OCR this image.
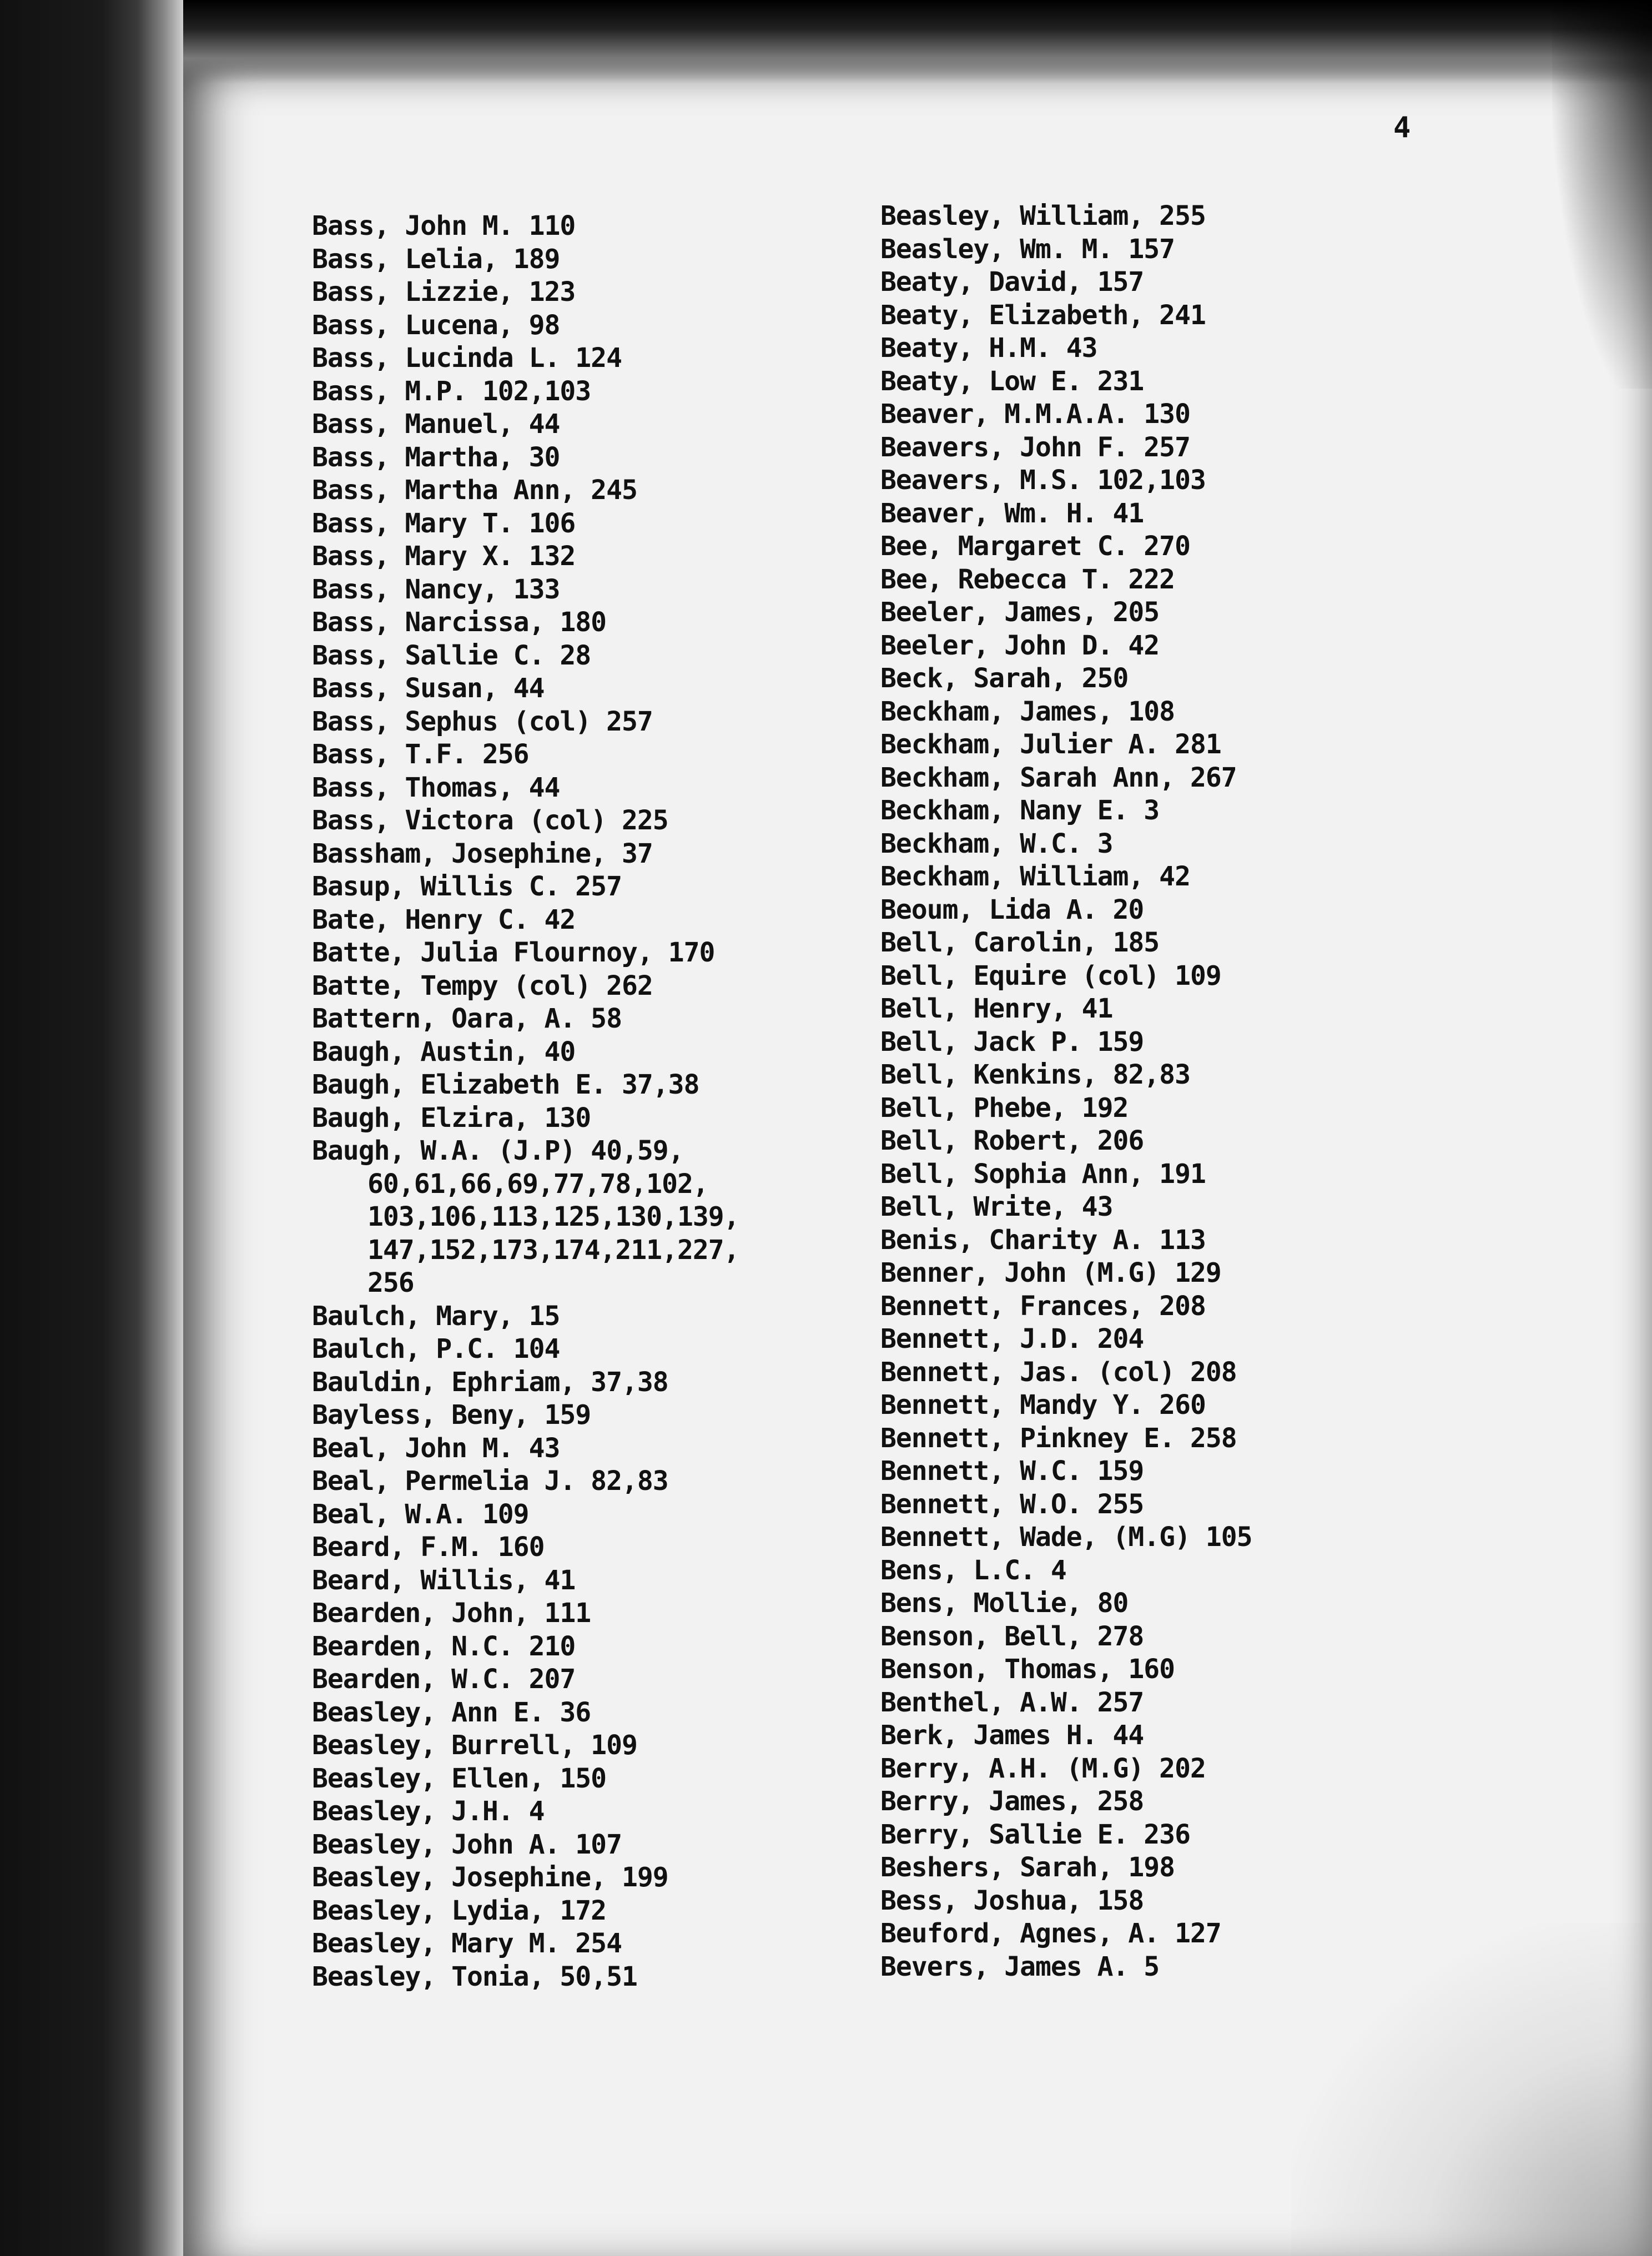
4
Bass, John M. 110
Bass, Lelia, 189
Bass, Lizzie, 123
Bass, Lucena, 98
Bass, Lucinda L. 124
Bass, M.P. 102,103
Bass, Manuel, 44
Bass, Martha, 30
Bass, Martha Ann, 245
Bass, Mary T. 106
Bass, Mary X. 132
Bass, Nancy, 133
Bass, Narcissa, 180
Bass, Sallie C. 28
Bass, Susan, 44
Bass, Sephus (col) 257
Bass, T.F. 256
Bass, Thomas, 44
Bass, Victora (col) 225
Bassham, Josephine, 37
Basup, Willis C. 257
Bate, Henry C. 42
Batte, Julia Flournoy, 170
Batte, Tempy (col) 262
Battern, Oara, A. 58
Baugh, Austin, 40
Baugh, Elizabeth E. 37,38
Baugh, Elzira, 130
Baugh, W.A. (J.P) 40,59,
60,61,66,69,77,78,102,
103,106,113,125,130,139,
147,152,173,174,211,227,
256
Baulch, Mary, 15
Baulch, P.C. 104
Bauldin, Ephriam, 37,38
Bayless, Beny, 159
Beal, John M. 43
Beal, Permelia J. 82,83
Beal, W.A. 109
Beard, F.M. 160
Beard, Willis, 41
Bearden, John, 111
Bearden, N.C. 210
Bearden, W.C. 207
Beasley, Ann E. 36
Beasley, Burrell, 109
Beasley, Ellen, 150
Beasley, J.H. 4
Beasley, John A. 107
Beasley, Josephine, 199
Beasley, Lydia, 172
Beasley, Mary M. 254
Beasley, Tonia, 50,51
Beasley, William, 255
Beasley, Wm. M. 157
Beaty, David, 157
Beaty, Elizabeth, 241
Beaty, H.M. 43
Beaty, Low E. 231
Beaver, M.M.A.A. 130
Beavers, John F. 257
Beavers, M.S. 102,103
Beaver, Wm. H. 41
Bee, Margaret C. 270
Bee, Rebecca T. 222
Beeler, James, 205
Beeler, John D. 42
Beck, Sarah, 250
Beckham, James, 108
Beckham, Julier A. 281
Beckham, Sarah Ann, 267
Beckham, Nany E. 3
Beckham, W.C. 3
Beckham, William, 42
Beoum, Lida A. 20
Bell, Carolin, 185
Bell, Equire (col) 109
Bell, Henry, 41
Bell, Jack P. 159
Bell, Kenkins, 82,83
Bell, Phebe, 192
Bell, Robert, 206
Bell, Sophia Ann, 191
Bell, Write, 43
Benis, Charity A. 113
Benner, John (M.G) 129
Bennett, Frances, 208
Bennett, J.D. 204
Bennett, Jas. (col) 208
Bennett, Mandy Y. 260
Bennett, Pinkney E. 258
Bennett, W.C. 159
Bennett, W.O. 255
Bennett, Wade, (M.G) 105
Bens, L.C. 4
Bens, Mollie, 80
Benson, Bell, 278
Benson, Thomas, 160
Benthel, A.W. 257
Berk, James H. 44
Berry, A.H. (M.G) 202
Berry, James, 258
Berry, Sallie E. 236
Beshers, Sarah, 198
Bess, Joshua, 158
Beuford, Agnes, A. 127
Bevers, James A. 5
